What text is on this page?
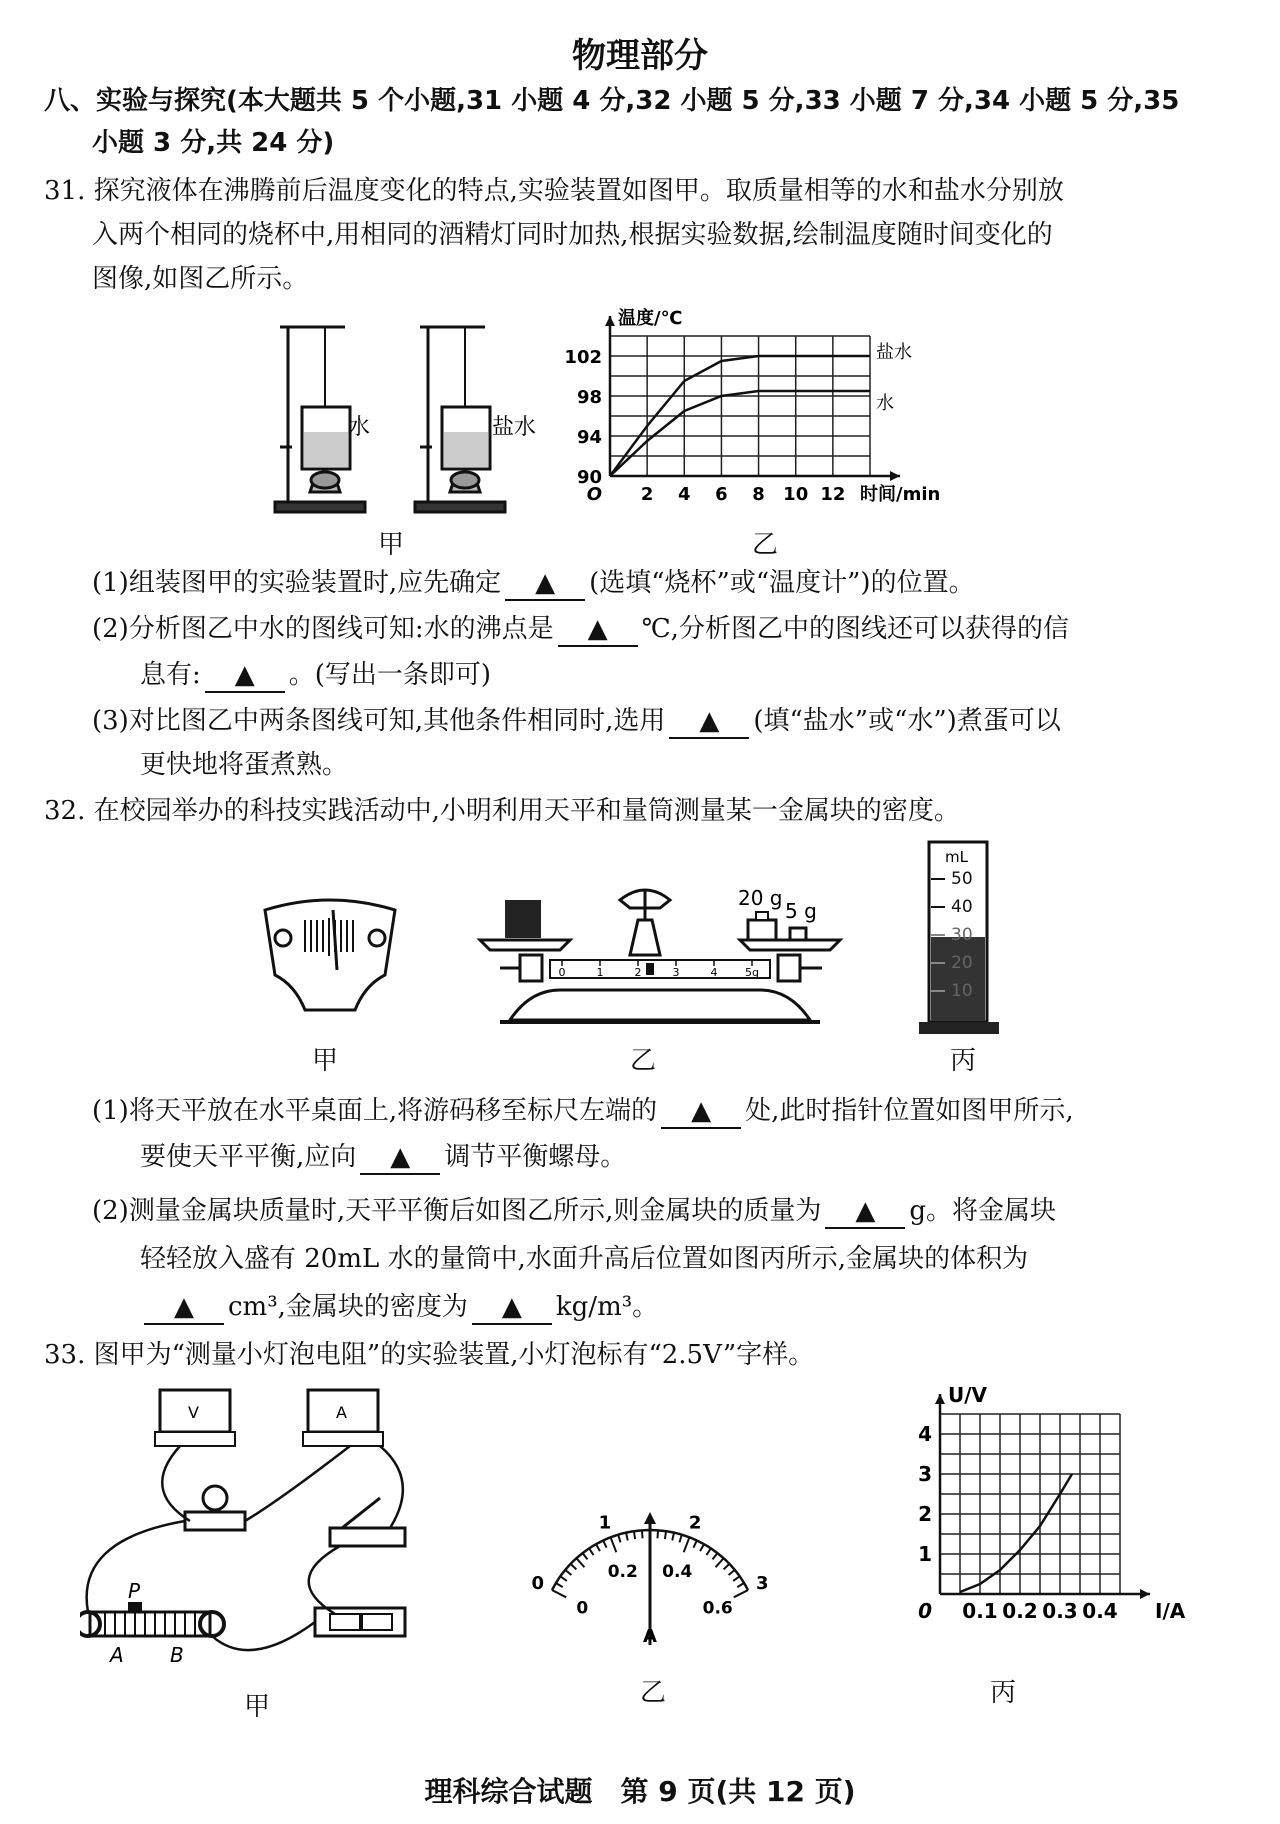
物理部分
八、实验与探究(本大题共 5 个小题,31 小题 4 分,32 小题 5 分,33 小题 7 分,34 小题 5 分,35
小题 3 分,共 24 分)
31. 探究液体在沸腾前后温度变化的特点,实验装置如图甲。取质量相等的水和盐水分别放
入两个相同的烧杯中,用相同的酒精灯同时加热,根据实验数据,绘制温度随时间变化的
图像,如图乙所示。
水	盐水
甲
2 4 6 8 10 12
90
94
98
102
O	时间/min
温度/℃
盐水
水
乙
(1)组装图甲的实验装置时,应先确定 ▲ (选填“烧杯”或“温度计”)的位置。
(2)分析图乙中水的图线可知:水的沸点是 ▲ ℃,分析图乙中的图线还可以获得的信
息有: ▲ 。(写出一条即可)
(3)对比图乙中两条图线可知,其他条件相同时,选用 ▲ (填“盐水”或“水”)煮蛋可以
更快地将蛋煮熟。
32. 在校园举办的科技实践活动中,小明利用天平和量筒测量某一金属块的密度。
甲
20 g
5 g
0	1	2	3	4	5g
乙
mL
50
40
30
20
10
丙
(1)将天平放在水平桌面上,将游码移至标尺左端的 ▲ 处,此时指针位置如图甲所示,
要使天平平衡,应向 ▲ 调节平衡螺母。
(2)测量金属块质量时,天平平衡后如图乙所示,则金属块的质量为 ▲ g。将金属块
轻轻放入盛有 20mL 水的量筒中,水面升高后位置如图丙所示,金属块的体积为
▲ cm³,金属块的密度为 ▲ kg/m³。
33. 图甲为“测量小灯泡电阻”的实验装置,小灯泡标有“2.5V”字样。
V	A
P
A B
甲
0
1	2
3
0
0.2 0.4
0.6
A
乙
0.1 0.2 0.3 0.4
1
2
3
4
0	I/A
U/V
丙
理科综合试题　第 9 页(共 12 页)
